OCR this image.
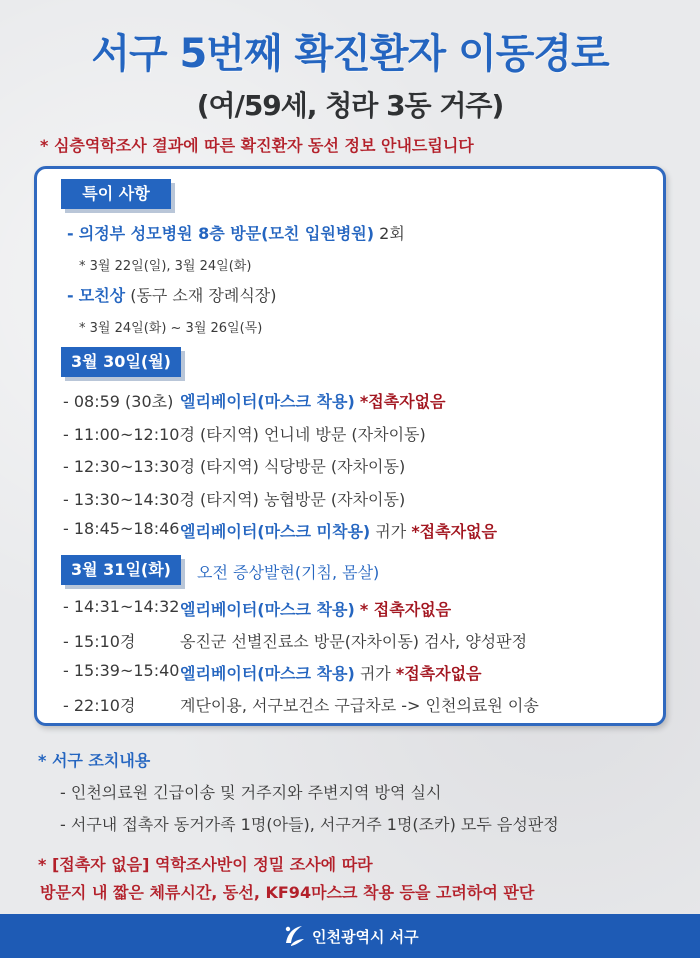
서구 5번째 확진환자 이동경로
(여/59세, 청라 3동 거주)
* 심층역학조사 결과에 따른 확진환자 동선 정보 안내드립니다
특이 사항
- 의정부 성모병원 8층 방문(모친 입원병원) 2회
* 3월 22일(일), 3월 24일(화)
- 모친상 (동구 소재 장례식장)
* 3월 24일(화) ~ 3월 26일(목)
3월 30일(월)
- 08:59 (30초) 엘리베이터(마스크 착용) *접촉자없음
- 11:00~12:10경 (타지역) 언니네 방문 (자차이동)
- 12:30~13:30경 (타지역) 식당방문 (자차이동)
- 13:30~14:30경 (타지역) 농협방문 (자차이동)
- 18:45~18:46 엘리베이터(마스크 미착용) 귀가 *접촉자없음
3월 31일(화)	오전 증상발현(기침, 몸살)
- 14:31~14:32 엘리베이터(마스크 착용) * 접촉자없음
- 15:10경	옹진군 선별진료소 방문(자차이동) 검사, 양성판정
- 15:39~15:40 엘리베이터(마스크 착용) 귀가 *접촉자없음
- 22:10경	계단이용, 서구보건소 구급차로 -> 인천의료원 이송
* 서구 조치내용
- 인천의료원 긴급이송 및 거주지와 주변지역 방역 실시
- 서구내 접촉자 동거가족 1명(아들), 서구거주 1명(조카) 모두 음성판정
* [접촉자 없음] 역학조사반이 정밀 조사에 따라
방문지 내 짧은 체류시간, 동선, KF94마스크 착용 등을 고려하여 판단
인천광역시 서구
